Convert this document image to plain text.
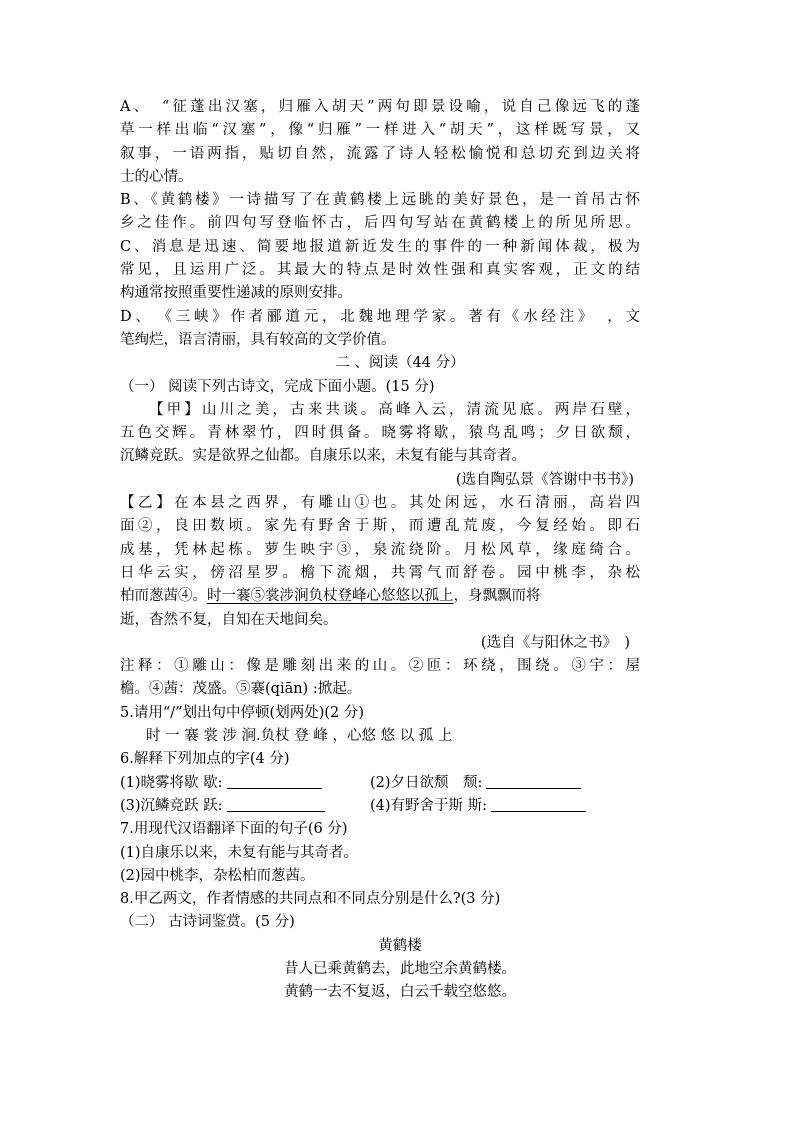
A、　“征蓬出汉塞，归雁入胡天”两句即景设喻，说自己像远飞的蓬
草一样出临“汉塞”，像“归雁”一样进入“胡天”，这样既写景，又
叙事，一语两指，贴切自然，流露了诗人轻松愉悦和总切充到边关将
士的心情。
B、《黄鹤楼》一诗描写了在黄鹤楼上远眺的美好景色，是一首吊古怀
乡之佳作。前四句写登临怀古，后四句写站在黄鹤楼上的所见所思。
C、消息是迅速、简要地报道新近发生的事件的一种新闻体裁，极为
常见，且运用广泛。其最大的特点是时效性强和真实客观，正文的结
构通常按照重要性递减的原则安排。
D、　《三峡》作者郦道元，北魏地理学家。著有《水经注》　，文
笔绚烂，语言清丽，具有较高的文学价值。
二 、阅读（44 分）
（一） 阅读下列古诗文，完成下面小题。(15 分)
【甲】山川之美，古来共谈。高峰入云，清流见底。两岸石壁，
五色交辉。青林翠竹，四时俱备。晓雾将歇，猿鸟乱鸣；夕日欲颓，
沉鳞竞跃。实是欲界之仙都。自康乐以来，未复有能与其奇者。
(选自陶弘景《答谢中书书》)
【乙】在本县之西界，有雕山①也。其处闲远，水石清丽，高岩四
面②，良田数顷。家先有野舍于斯，而遭乱荒废，今复经始。即石
成基，凭林起栋。萝生映宇③，泉流绕阶。月松风草，缘庭绮合。
日华云实，傍沼星罗。檐下流烟，共霄气而舒卷。园中桃李，杂松
柏而葱茜④。时一褰⑤裳涉涧负杖登峰心悠悠以孤上，身飘飘而将
逝，杳然不复，自知在天地间矣。
(选自《与阳休之书》　)
注释：①雕山：像是雕刻出来的山。②匝：环绕，围绕。③宇：屋
檐。④茜：茂盛。⑤褰(qiān) :掀起。
5.请用“/”划出句中停顿(划两处)(2 分)
时 一 褰 裳 涉 涧.负杖 登 峰 ，心悠 悠 以 孤 上
6.解释下列加点的字(4 分)
(1)晓雾将歇 歇:	(2)夕日欲颓　颓:
(3)沉鳞竞跃 跃:	(4)有野舍于斯 斯:
7.用现代汉语翻译下面的句子(6 分)
(1)自康乐以来，未复有能与其奇者。
(2)园中桃李，杂松柏而葱茜。
8.甲乙两文，作者情感的共同点和不同点分别是什么?(3 分)
（二） 古诗词鉴赏。(5 分)
黄鹤楼
昔人已乘黄鹤去，此地空余黄鹤楼。
黄鹤一去不复返，白云千载空悠悠。
